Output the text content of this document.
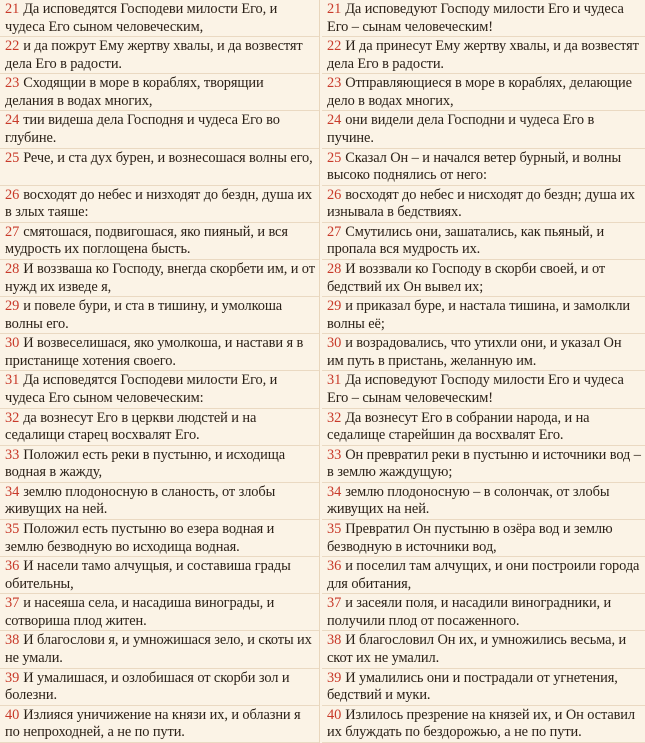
21 Да исповедятся Господеви милости Его, и чудеса Его сыном человеческим,
22 и да пожрут Ему жертву хвалы, и да возвестят дела Его в радости.
23 Сходящии в море в кораблях, творящии делания в водах многих,
24 тии видеша дела Господня и чудеса Его во глубине.
25 Рече, и ста дух бурен, и вознесошася волны его,
26 восходят до небес и низходят до бездн, душа их в злых таяше:
27 смятошася, подвигошася, яко пияный, и вся мудрость их поглощена бысть.
28 И воззваша ко Господу, внегда скорбети им, и от нужд их изведе я,
29 и повеле бури, и ста в тишину, и умолкоша волны его.
30 И возвеселишася, яко умолкоша, и настави я в пристанище хотения своего.
31 Да исповедятся Господеви милости Его, и чудеса Его сыном человеческим:
32 да вознесут Его в церкви людстей и на седалищи старец восхвалят Его.
33 Положил есть реки в пустыню, и исходища водная в жажду,
34 землю плодоносную в сланость, от злобы живущих на ней.
35 Положил есть пустыню во езера водная и землю безводную во исходища водная.
36 И насели тамо алчущыя, и составиша грады обительны,
37 и насеяша села, и насадиша винограды, и сотвориша плод житен.
38 И благослови я, и умножишася зело, и скоты их не умали.
39 И умалишася, и озлобишася от скорби зол и болезни.
40 Излияся уничижение на князи их, и облазни я по непроходней, а не по пути.
21 Да исповедуют Господу милости Его и чудеса Его – сынам человеческим!
22 И да принесут Ему жертву хвалы, и да возвестят дела Его в радости.
23 Отправляющиеся в море в кораблях, делающие дело в водах многих,
24 они видели дела Господни и чудеса Его в пучине.
25 Сказал Он – и начался ветер бурный, и волны высоко поднялись от него:
26 восходят до небес и нисходят до бездн; душа их изнывала в бедствиях.
27 Смутились они, зашатались, как пьяный, и пропала вся мудрость их.
28 И воззвали ко Господу в скорби своей, и от бедствий их Он вывел их;
29 и приказал буре, и настала тишина, и замолкли волны её;
30 и возрадовались, что утихли они, и указал Он им путь в пристань, желанную им.
31 Да исповедуют Господу милости Его и чудеса Его – сынам человеческим!
32 Да вознесут Его в собрании народа, и на седалище старейшин да восхвалят Его.
33 Он превратил реки в пустыню и источники вод – в землю жаждущую;
34 землю плодоносную – в солончак, от злобы живущих на ней.
35 Превратил Он пустыню в озёра вод и землю безводную в источники вод,
36 и поселил там алчущих, и они построили города для обитания,
37 и засеяли поля, и насадили виноградники, и получили плод от посаженного.
38 И благословил Он их, и умножились весьма, и скот их не умалил.
39 И умалились они и пострадали от угнетения, бедствий и муки.
40 Излилось презрение на князей их, и Он оставил их блуждать по бездорожью, а не по пути.
